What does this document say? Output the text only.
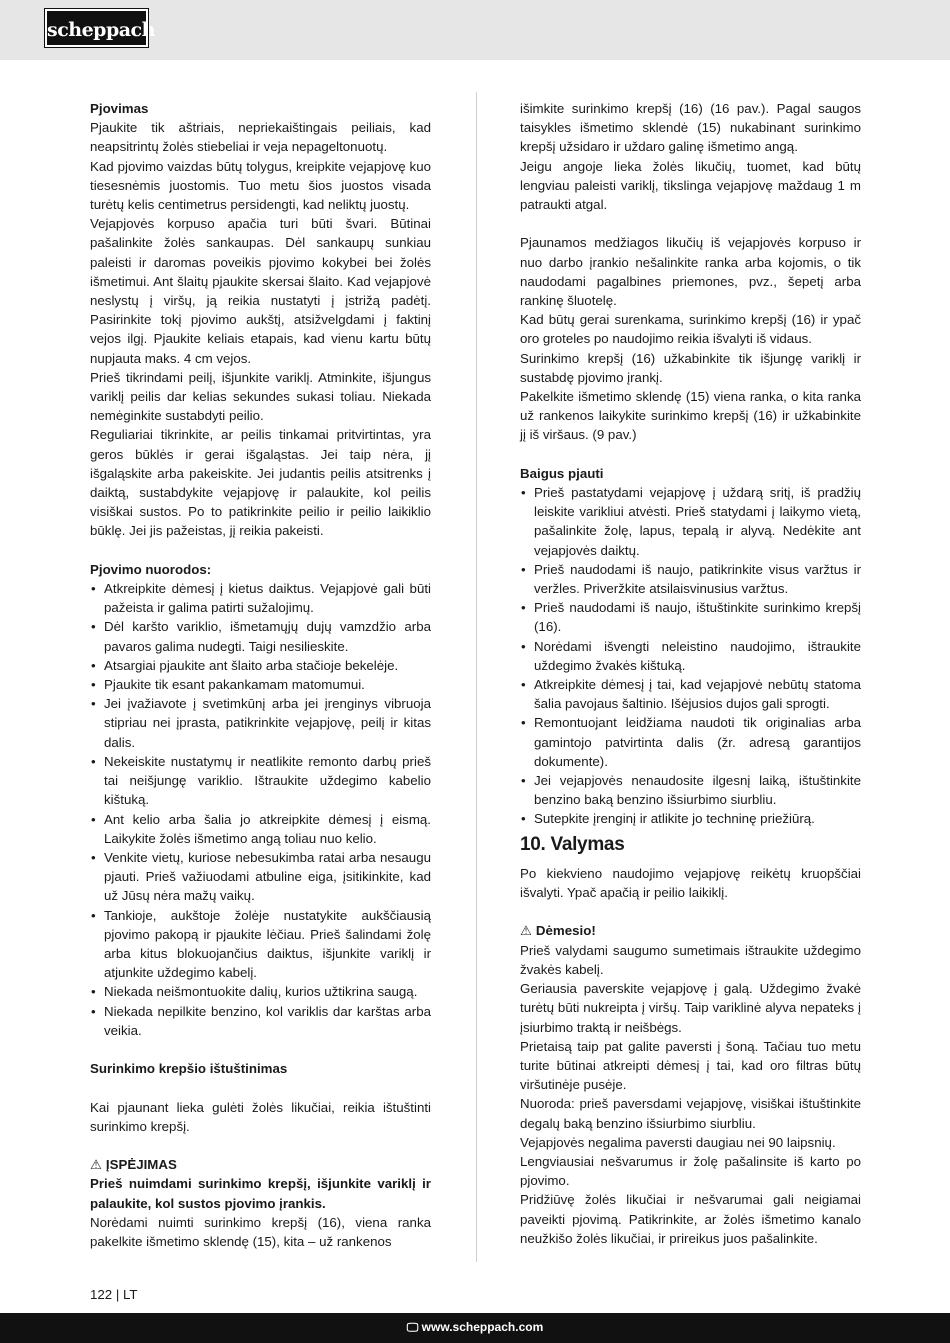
scheppach

Pjovimas

Pjaukite tik aštriais, nepriekaištingais peiliais, kad neapsitrintų žolės stiebeliai ir veja nepageltonuotų.

Kad pjovimo vaizdas būtų tolygus, kreipkite vejapjovę kuo tiesesnėmis juostomis. Tuo metu šios juostos visada turėtų kelis centimetrus persidengti, kad neliktų juostų.

Vejapjovės korpuso apačia turi būti švari. Būtinai pašalinkite žolės sankaupas. Dėl sankaupų sunkiau paleisti ir daromas poveikis pjovimo kokybei bei žolės išmetimui. Ant šlaitų pjaukite skersai šlaito. Kad vejapjovė neslystų į viršų, ją reikia nustatyti į įstrižą padėtį. Pasirinkite tokį pjovimo aukštį, atsižvelgdami į faktinį vejos ilgį. Pjaukite keliais etapais, kad vienu kartu būtų nupjauta maks. 4 cm vejos.

Prieš tikrindami peilį, išjunkite variklį. Atminkite, išjungus variklį peilis dar kelias sekundes sukasi toliau. Niekada nemėginkite sustabdyti peilio.

Reguliariai tikrinkite, ar peilis tinkamai pritvirtintas, yra geros būklės ir gerai išgaląstas. Jei taip nėra, jį išgaląskite arba pakeiskite. Jei judantis peilis atsitrenks į daiktą, sustabdykite vejapjovę ir palaukite, kol peilis visiškai sustos. Po to patikrinkite peilio ir peilio laikiklio būklę. Jei jis pažeistas, jį reikia pakeisti.

Pjovimo nuorodos:

• Atkreipkite dėmesį į kietus daiktus. Vejapjovė gali būti pažeista ir galima patirti sužalojimų.
• Dėl karšto variklio, išmetamųjų dujų vamzdžio arba pavaros galima nudegti. Taigi nesilieskite.
• Atsargiai pjaukite ant šlaito arba stačioje bekelėje.
• Pjaukite tik esant pakankamam matomumui.
• Jei įvažiavote į svetimkūnį arba jei įrenginys vibruoja stipriau nei įprasta, patikrinkite vejapjovę, peilį ir kitas dalis.
• Nekeiskite nustatymų ir neatlikite remonto darbų prieš tai neišjungę variklio. Ištraukite uždegimo kabelio kištuką.
• Ant kelio arba šalia jo atkreipkite dėmesį į eismą. Laikykite žolės išmetimo angą toliau nuo kelio.
• Venkite vietų, kuriose nebesukimba ratai arba nesaugu pjauti. Prieš važiuodami atbuline eiga, įsitikinkite, kad už Jūsų nėra mažų vaikų.
• Tankioje, aukštoje žolėje nustatykite aukščiausią pjovimo pakopą ir pjaukite lėčiau. Prieš šalindami žolę arba kitus blokuojančius daiktus, išjunkite variklį ir atjunkite uždegimo kabelį.
• Niekada neišmontuokite dalių, kurios užtikrina saugą.
• Niekada nepilkite benzino, kol variklis dar karštas arba veikia.

Surinkimo krepšio ištuštinimas

Kai pjaunant lieka gulėti žolės likučiai, reikia ištuštinti surinkimo krepšį.

⚠ ĮSPĖJIMAS

Prieš nuimdami surinkimo krepšį, išjunkite variklį ir palaukite, kol sustos pjovimo įrankis.

Norėdami nuimti surinkimo krepšį (16), viena ranka pakelkite išmetimo sklendę (15), kita – už rankenos

išimkite surinkimo krepšį (16) (16 pav.). Pagal saugos taisykles išmetimo sklendė (15) nukabinant surinkimo krepšį užsidaro ir uždaro galinę išmetimo angą.

Jeigu angoje lieka žolės likučių, tuomet, kad būtų lengviau paleisti variklį, tikslinga vejapjovę maždaug 1 m patraukti atgal.

Pjaunamos medžiagos likučių iš vejapjovės korpuso ir nuo darbo įrankio nešalinkite ranka arba kojomis, o tik naudodami pagalbines priemones, pvz., šepetį arba rankinę šluotelę.

Kad būtų gerai surenkama, surinkimo krepšį (16) ir ypač oro groteles po naudojimo reikia išvalyti iš vidaus.

Surinkimo krepšį (16) užkabinkite tik išjungę variklį ir sustabdę pjovimo įrankį.

Pakelkite išmetimo sklendę (15) viena ranka, o kita ranka už rankenos laikykite surinkimo krepšį (16) ir užkabinkite jį iš viršaus. (9 pav.)

Baigus pjauti

• Prieš pastatydami vejapjovę į uždarą sritį, iš pradžių leiskite varikliui atvėsti. Prieš statydami į laikymo vietą, pašalinkite žolę, lapus, tepalą ir alyvą. Nedėkite ant vejapjovės daiktų.
• Prieš naudodami iš naujo, patikrinkite visus varžtus ir veržles. Priveržkite atsilaisvinusius varžtus.
• Prieš naudodami iš naujo, ištuštinkite surinkimo krepšį (16).
• Norėdami išvengti neleistino naudojimo, ištraukite uždegimo žvakės kištuką.
• Atkreipkite dėmesį į tai, kad vejapjovė nebūtų statoma šalia pavojaus šaltinio. Išėjusios dujos gali sprogti.
• Remontuojant leidžiama naudoti tik originalias arba gamintojo patvirtinta dalis (žr. adresą garantijos dokumente).
• Jei vejapjovės nenaudosite ilgesnį laiką, ištuštinkite benzino baką benzino išsiurbimo siurbliu.
• Sutepkite įrenginį ir atlikite jo techninę priežiūrą.
10. Valymas

Po kiekvieno naudojimo vejapjovę reikėtų kruopščiai išvalyti. Ypač apačią ir peilio laikiklį.

⚠ Dėmesio!

Prieš valydami saugumo sumetimais ištraukite uždegimo žvakės kabelį.

Geriausia paverskite vejapjovę į galą. Uždegimo žvakė turėtų būti nukreipta į viršų. Taip variklinė alyva nepateks į įsiurbimo traktą ir neišbėgs.

Prietaisą taip pat galite paversti į šoną. Tačiau tuo metu turite būtinai atkreipti dėmesį į tai, kad oro filtras būtų viršutinėje pusėje.

Nuoroda: prieš paversdami vejapjovę, visiškai ištuštinkite degalų baką benzino išsiurbimo siurbliu.

Vejapjovės negalima paversti daugiau nei 90 laipsnių.

Lengviausiai nešvarumus ir žolę pašalinsite iš karto po pjovimo.

Pridžiūvę žolės likučiai ir nešvarumai gali neigiamai paveikti pjovimą. Patikrinkite, ar žolės išmetimo kanalo neužkišo žolės likučiai, ir prireikus juos pašalinkite.

122 | LT
🖵 www.scheppach.com
